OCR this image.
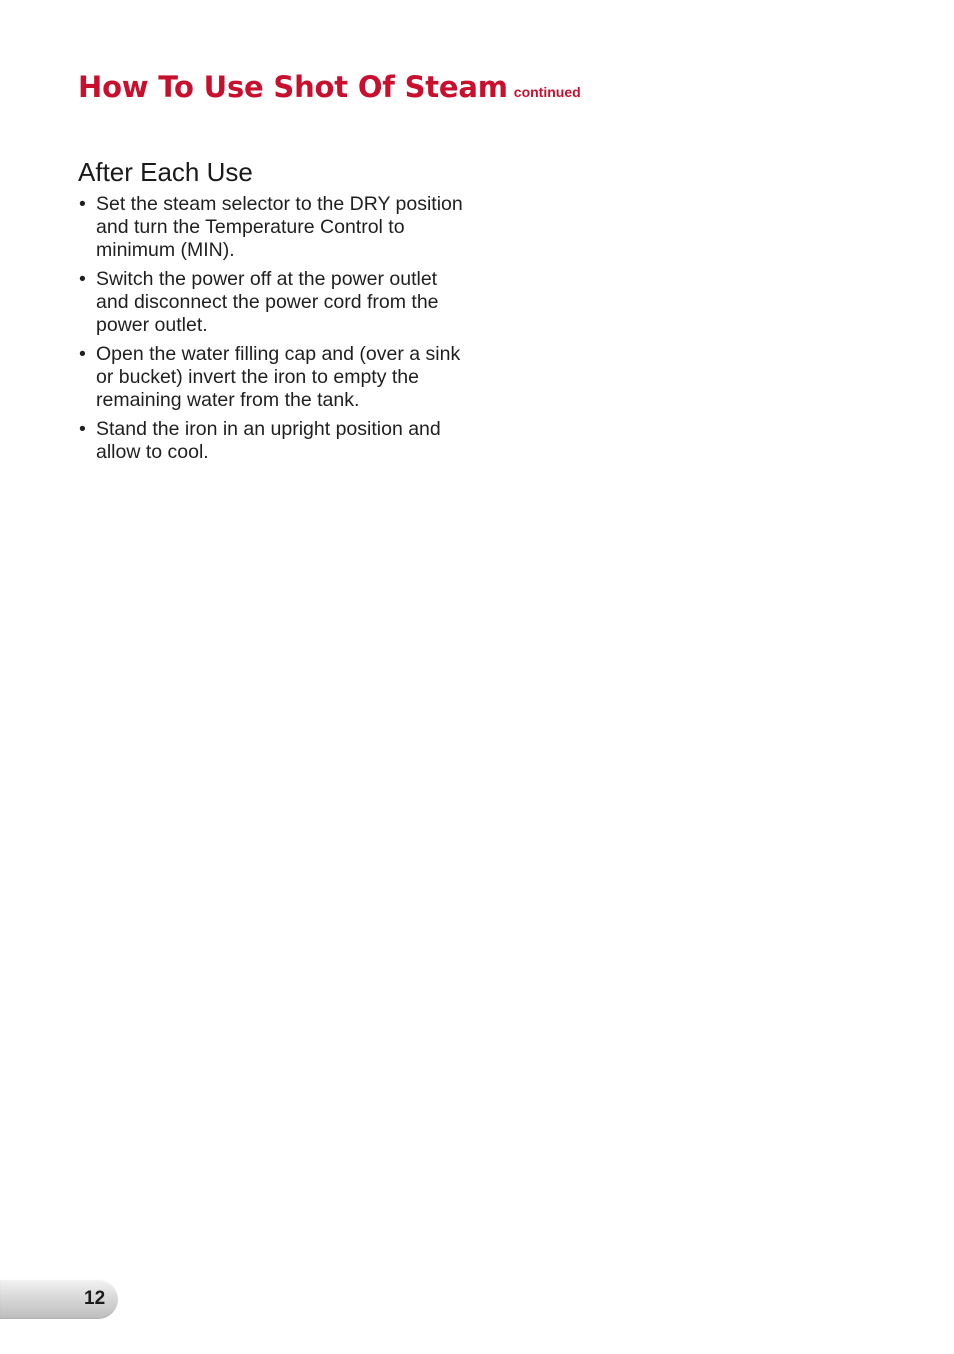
How To Use Shot Of Steam continued
After Each Use
• Set the steam selector to the DRY position and turn the Temperature Control to minimum (MIN).
• Switch the power off at the power outlet and disconnect the power cord from the power outlet.
• Open the water filling cap and (over a sink or bucket) invert the iron to empty the remaining water from the tank.
• Stand the iron in an upright position and allow to cool.
12
